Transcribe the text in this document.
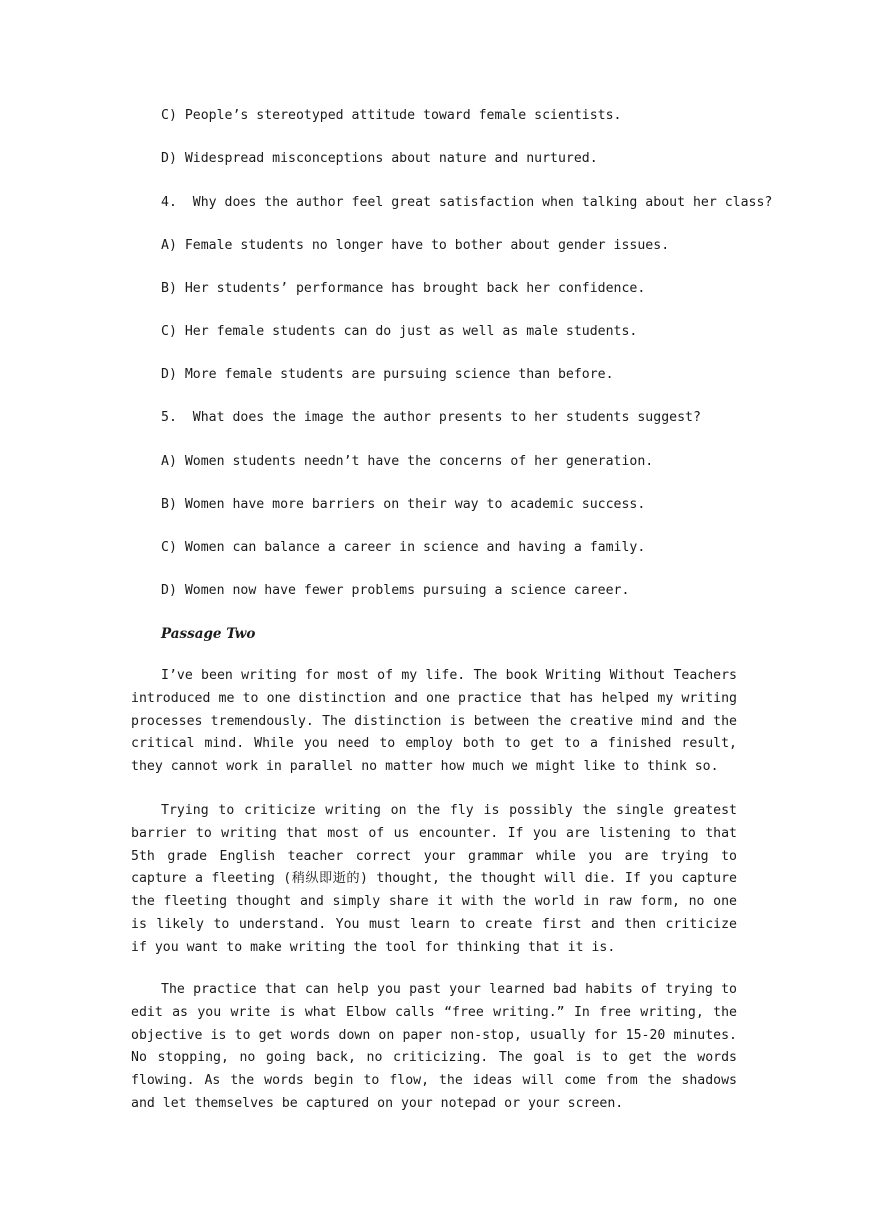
C) People’s stereotyped attitude toward female scientists.
D) Widespread misconceptions about nature and nurtured.
4.  Why does the author feel great satisfaction when talking about her class?
A) Female students no longer have to bother about gender issues.
B) Her students’ performance has brought back her confidence.
C) Her female students can do just as well as male students.
D) More female students are pursuing science than before.
5.  What does the image the author presents to her students suggest?
A) Women students needn’t have the concerns of her generation.
B) Women have more barriers on their way to academic success.
C) Women can balance a career in science and having a family.
D) Women now have fewer problems pursuing a science career.
Passage Two

I’ve been writing for most of my life. The book Writing Without Teachers introduced me to one distinction and one practice that has helped my writing processes tremendously. The distinction is between the creative mind and the critical mind. While you need to employ both to get to a finished result, they cannot work in parallel no matter how much we might like to think so.

Trying to criticize writing on the fly is possibly the single greatest barrier to writing that most of us encounter. If you are listening to that 5th grade English teacher correct your grammar while you are trying to capture a fleeting (稍纵即逝的) thought, the thought will die. If you capture the fleeting thought and simply share it with the world in raw form, no one is likely to understand. You must learn to create first and then criticize if you want to make writing the tool for thinking that it is.

The practice that can help you past your learned bad habits of trying to edit as you write is what Elbow calls “free writing.” In free writing, the objective is to get words down on paper non-stop, usually for 15-20 minutes. No stopping, no going back, no criticizing. The goal is to get the words flowing. As the words begin to flow, the ideas will come from the shadows and let themselves be captured on your notepad or your screen.
